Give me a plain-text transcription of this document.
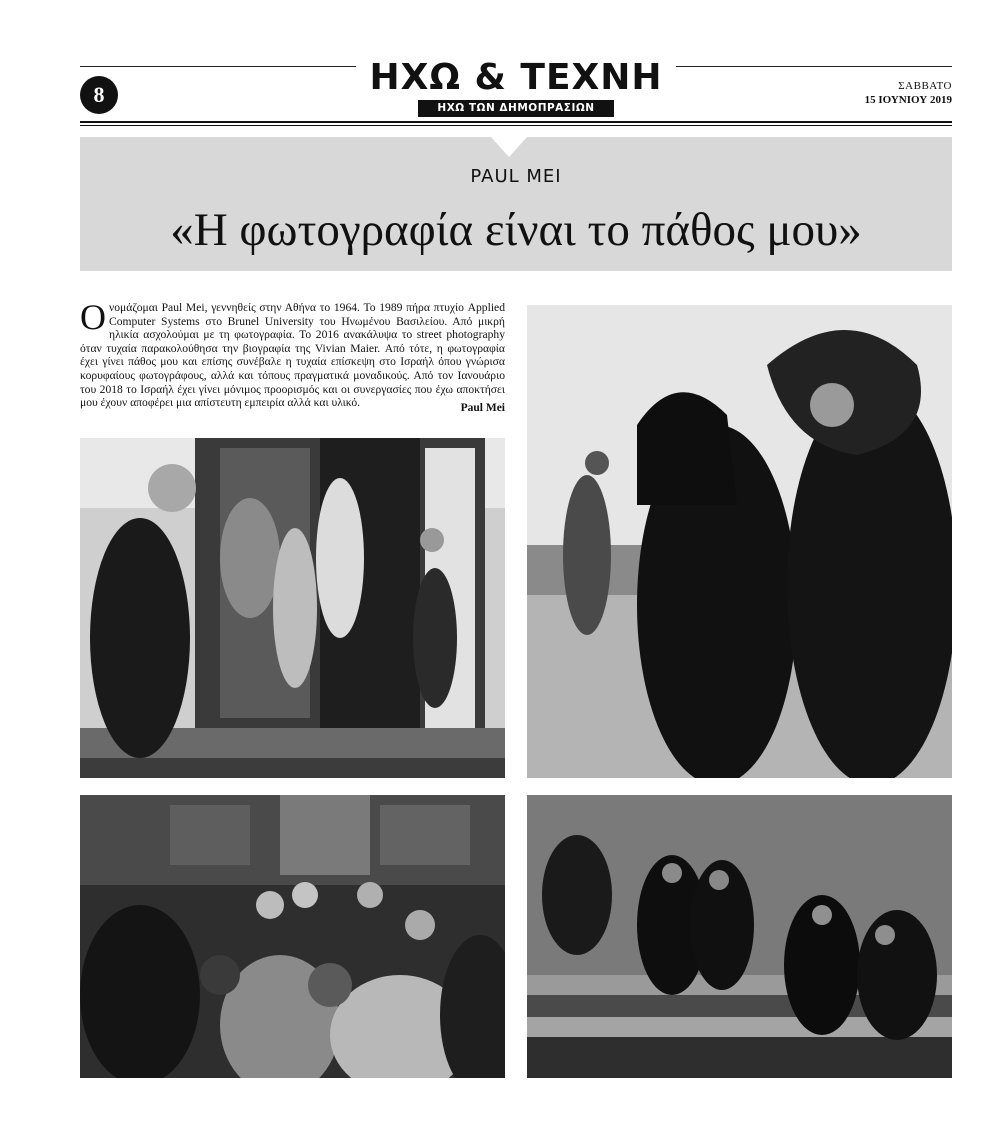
8	ΗΧΩ & ΤΕΧΝΗ
ΗΧΩ ΤΩΝ ΔΗΜΟΠΡΑΣΙΩΝ
ΣΑΒΒΑΤΟ
15 ΙΟΥΝΙΟΥ 2019
PAUL MEI
«Η φωτογραφία είναι το πάθος μου»
Ονομάζομαι Paul Mei, γεννηθείς στην Αθήνα το 1964. Το 1989 πήρα πτυχίο Applied Computer Systems στο Brunel University του Ηνωμένου Βασιλείου. Από μικρή ηλικία ασχολούμαι με τη φωτογραφία. Το 2016 ανακάλυψα το street photography όταν τυχαία παρακολούθησα την βιογραφία της Vivian Maier. Από τότε, η φωτογραφία έχει γίνει πάθος μου και επίσης συνέβαλε η τυχαία επίσκεψη στο Ισραήλ όπου γνώρισα κορυφαίους φωτογράφους, αλλά και τόπους πραγματικά μοναδικούς. Από τον Ιανουάριο του 2018 το Ισραήλ έχει γίνει μόνιμος προορισμός και οι συνεργασίες που έχω αποκτήσει μου έχουν αποφέρει μια απίστευτη εμπειρία αλλά και υλικό.	Paul Mei
